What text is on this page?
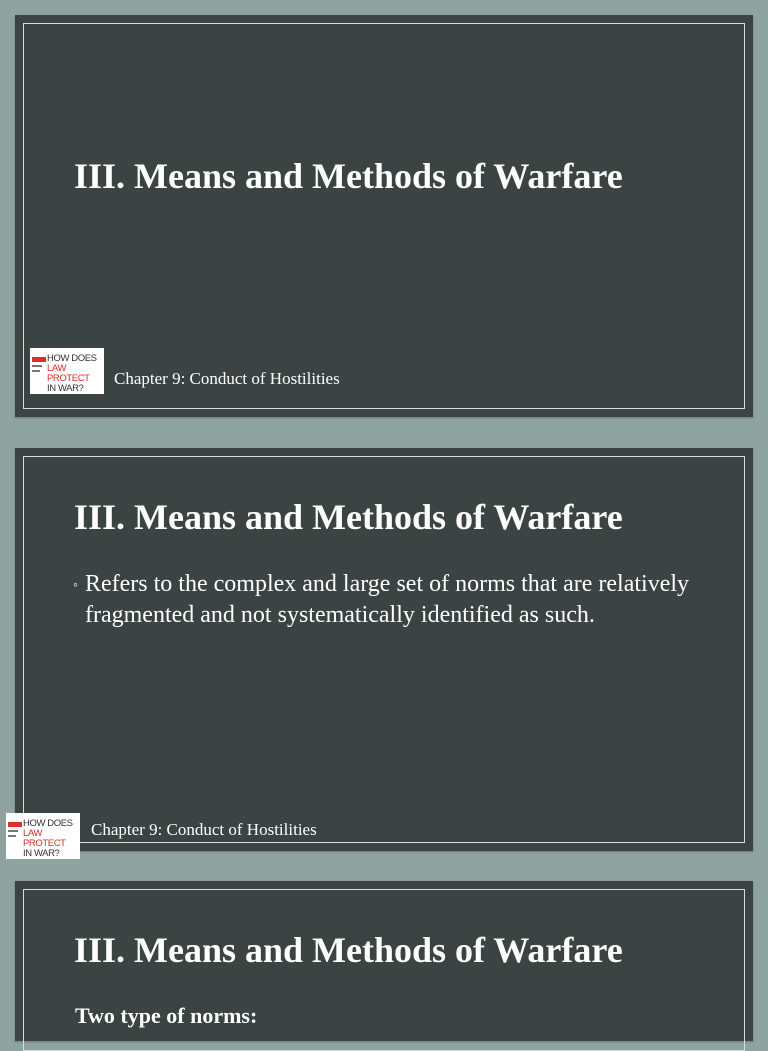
III. Means and Methods of Warfare
HOW DOES
LAW PROTECT
IN WAR?
Chapter 9: Conduct of Hostilities
III. Means and Methods of Warfare
◦ Refers to the complex and large set of norms that are relatively fragmented and not systematically identified as such.
Chapter 9: Conduct of Hostilities
HOW DOES
LAW PROTECT
IN WAR?
III. Means and Methods of Warfare
Two type of norms:
